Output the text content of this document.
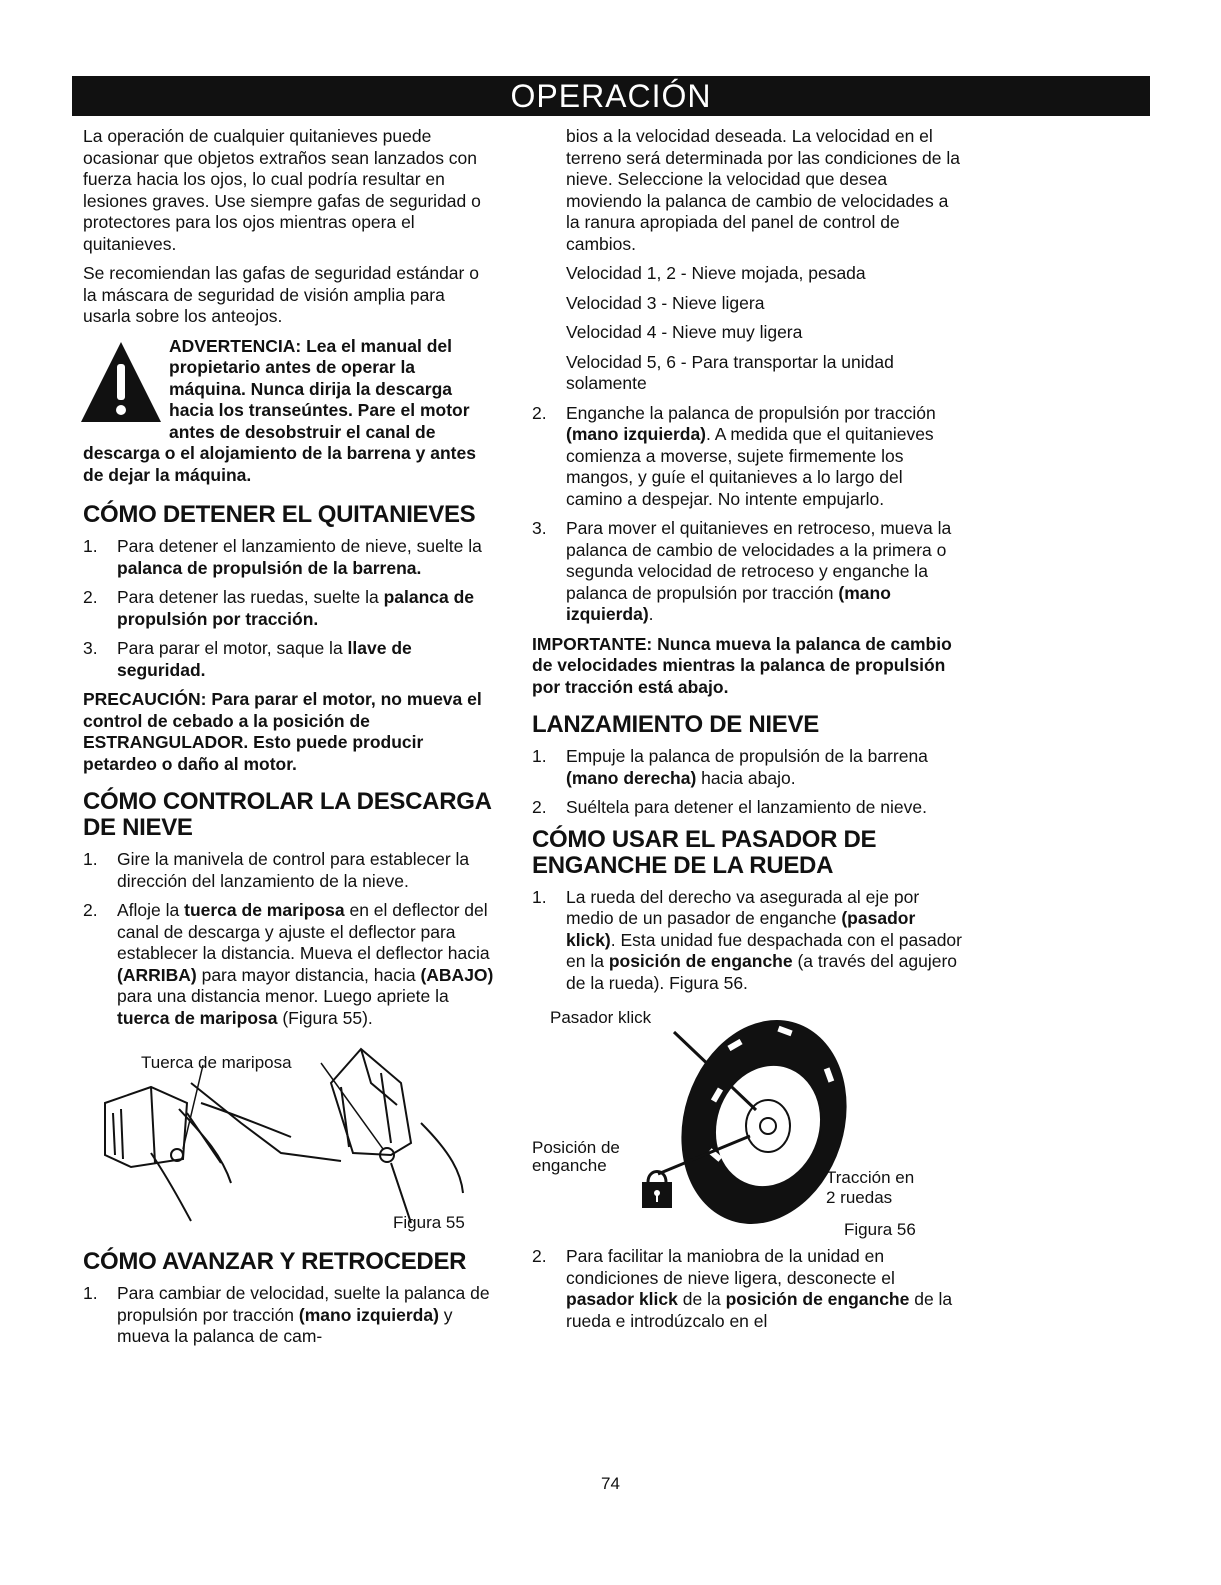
OPERACIÓN

La operación de cualquier quitanieves puede ocasionar que objetos extraños sean lanzados con fuerza hacia los ojos, lo cual podría resultar en lesiones graves. Use siempre gafas de seguridad o protectores para los ojos mientras opera el quitanieves.

Se recomiendan las gafas de seguridad estándar o la máscara de seguridad de visión amplia para usarla sobre los anteojos.

ADVERTENCIA: Lea el manual del propietario antes de operar la máquina. Nunca dirija la descarga hacia los transeúntes. Pare el motor antes de desobstruir el canal de descarga o el alojamiento de la barrena y antes de dejar la máquina.
CÓMO DETENER EL QUITANIEVES
1. Para detener el lanzamiento de nieve, suelte la palanca de propulsión de la barrena.
2. Para detener las ruedas, suelte la palanca de propulsión por tracción.
3. Para parar el motor, saque la llave de seguridad.

PRECAUCIÓN: Para parar el motor, no mueva el control de cebado a la posición de ESTRANGULADOR. Esto puede producir petardeo o daño al motor.

CÓMO CONTROLAR LA DESCARGA DE NIEVE
1. Gire la manivela de control para establecer la dirección del lanzamiento de la nieve.
2. Afloje la tuerca de mariposa en el deflector del canal de descarga y ajuste el deflector para establecer la distancia. Mueva el deflector hacia (ARRIBA) para mayor distancia, hacia (ABAJO) para una distancia menor. Luego apriete la tuerca de mariposa (Figura 55).
Tuerca de mariposa
Figura 55
CÓMO AVANZAR Y RETROCEDER
1. Para cambiar de velocidad, suelte la palanca de propulsión por tracción (mano izquierda) y mueva la palanca de cam-

bios a la velocidad deseada. La velocidad en el terreno será determinada por las condiciones de la nieve. Seleccione la velocidad que desea moviendo la palanca de cambio de velocidades a la ranura apropiada del panel de control de cambios.

Velocidad 1, 2 - Nieve mojada, pesada

Velocidad 3 - Nieve ligera

Velocidad 4 - Nieve muy ligera

Velocidad 5, 6 - Para transportar la unidad solamente

2. Enganche la palanca de propulsión por tracción (mano izquierda). A medida que el quitanieves comienza a moverse, sujete firmemente los mangos, y guíe el quitanieves a lo largo del camino a despejar. No intente empujarlo.
3. Para mover el quitanieves en retroceso, mueva la palanca de cambio de velocidades a la primera o segunda velocidad de retroceso y enganche la palanca de propulsión por tracción (mano izquierda).

IMPORTANTE: Nunca mueva la palanca de cambio de velocidades mientras la palanca de propulsión por tracción está abajo.

LANZAMIENTO DE NIEVE
1. Empuje la palanca de propulsión de la barrena (mano derecha) hacia abajo.
2. Suéltela para detener el lanzamiento de nieve.
CÓMO USAR EL PASADOR DE ENGANCHE DE LA RUEDA
1. La rueda del derecho va asegurada al eje por medio de un pasador de enganche (pasador klick). Esta unidad fue despachada con el pasador en la posición de enganche (a través del agujero de la rueda). Figura 56.
Pasador klick
Posición de
enganche
Tracción en
2 ruedas
Figura 56
2. Para facilitar la maniobra de la unidad en condiciones de nieve ligera, desconecte el pasador klick de la posición de enganche de la rueda e introdúzcalo en el
74
